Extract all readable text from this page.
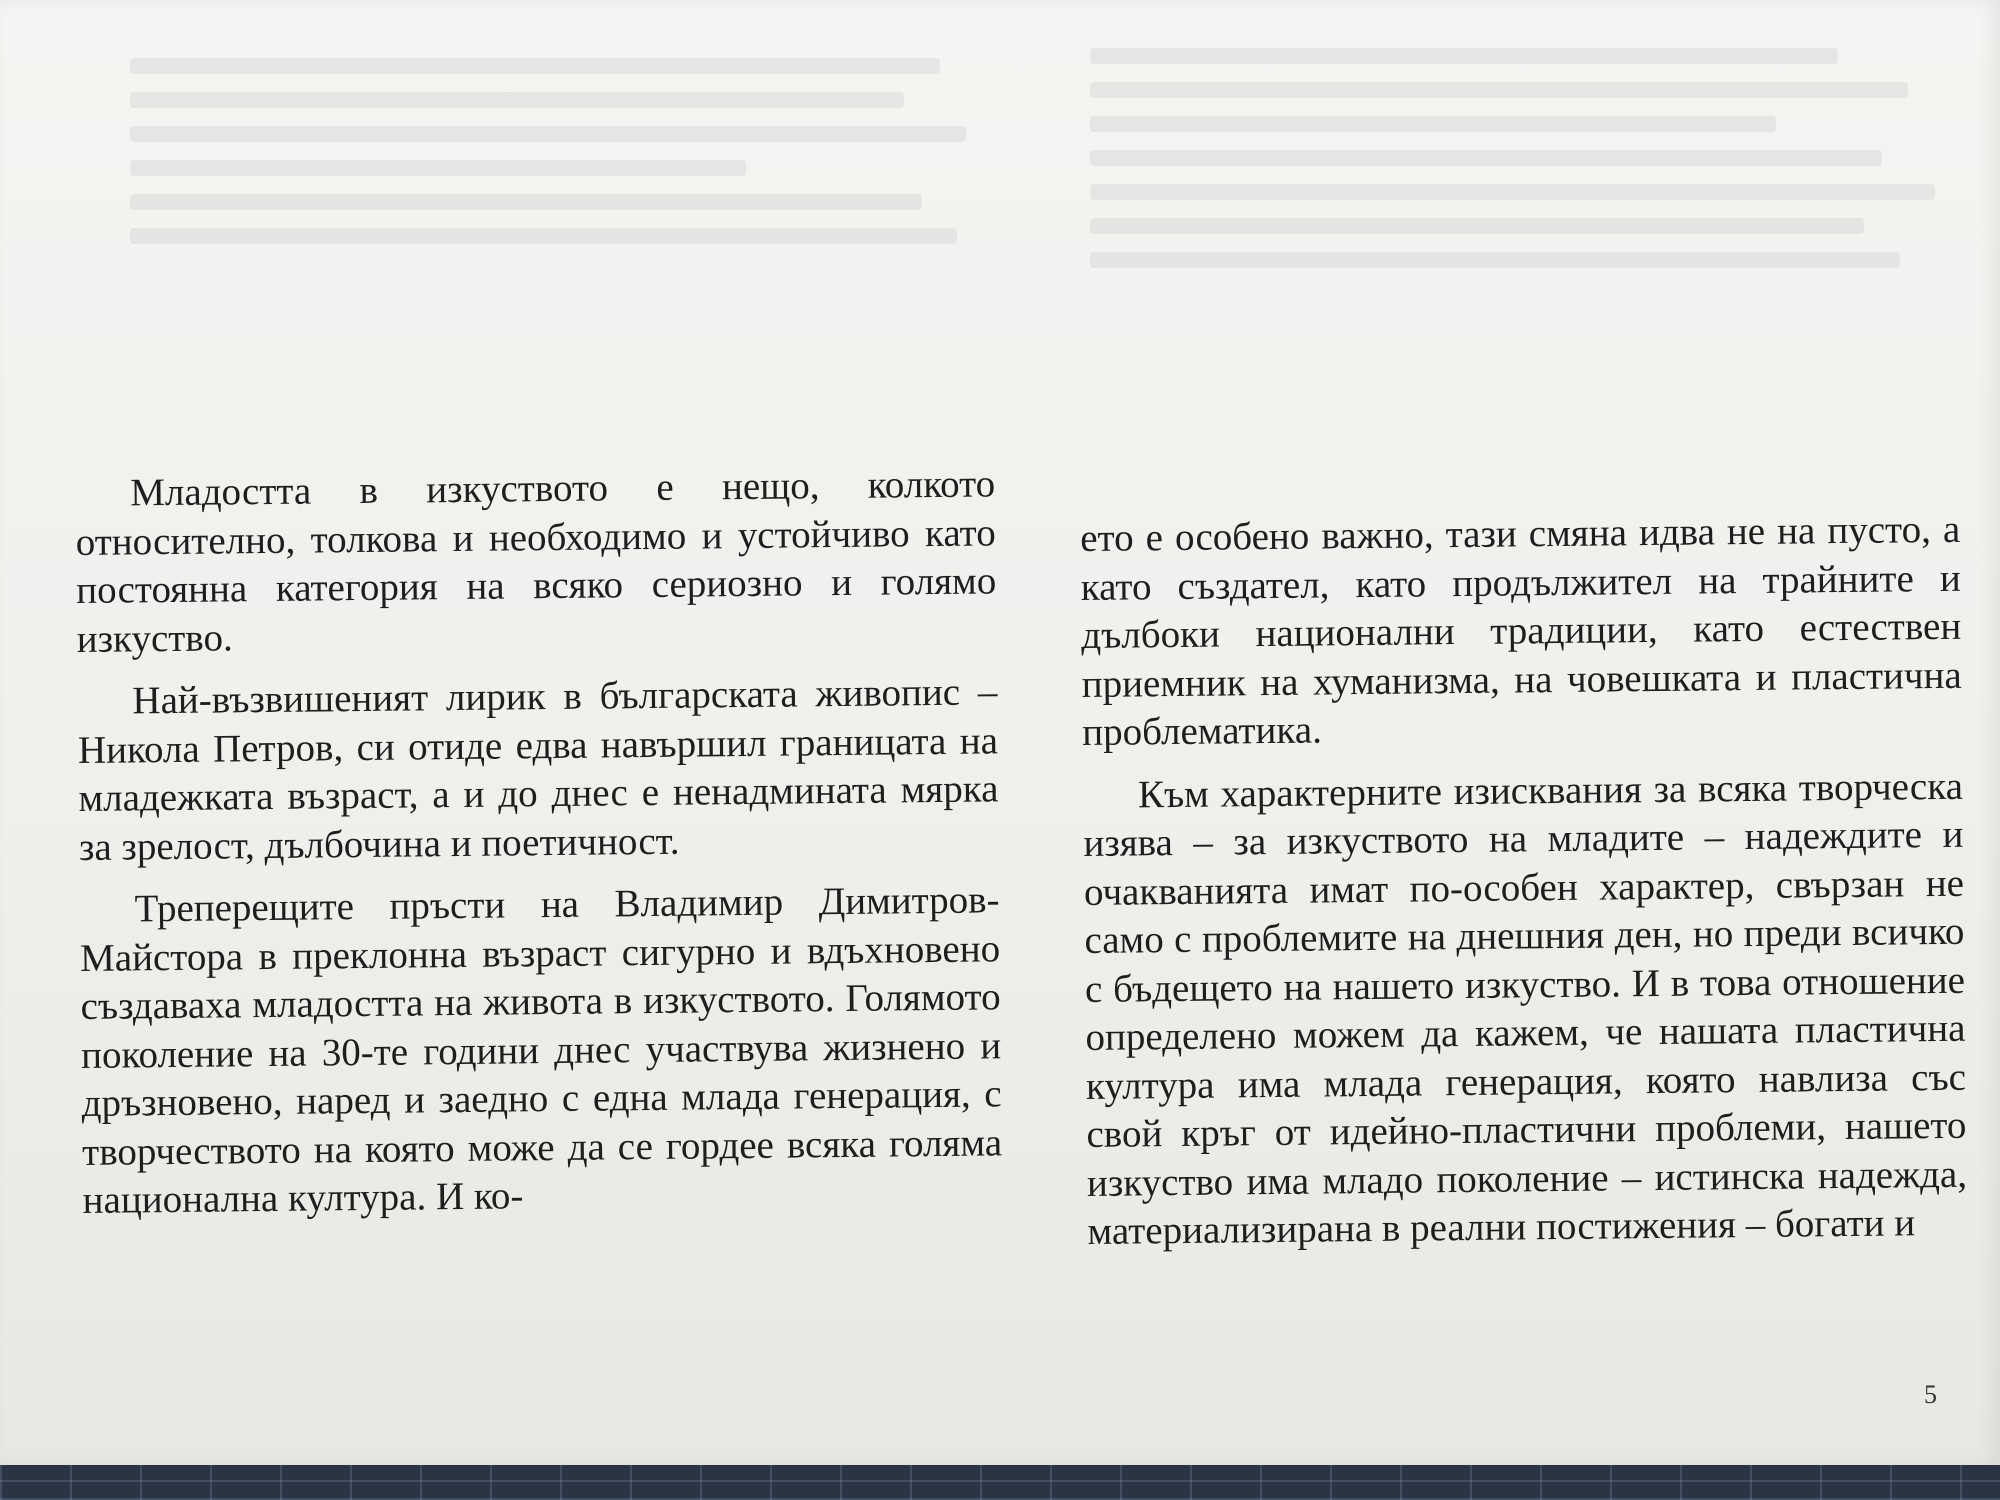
Младостта в изкуството е нещо, колкото относително, толкова и необходимо и устойчиво като постоянна категория на всяко сериозно и голямо изкуство.

Най-възвишеният лирик в българската живопис – Никола Петров, си отиде едва навършил границата на младежката възраст, а и до днес е ненадмината мярка за зрелост, дълбочина и поетичност.

Треперещите пръсти на Владимир Димитров-Майстора в преклонна възраст сигурно и вдъхновено създаваха младостта на живота в изкуството. Голямото поколение на 30-те години днес участвува жизнено и дръзновено, наред и заедно с една млада генерация, с творчеството на която може да се гордее всяка голяма национална култура. И ко-

ето е особено важно, тази смяна идва не на пусто, а като създател, като продължител на трайните и дълбоки национални традиции, като естествен приемник на хуманизма, на човешката и пластична проблематика.

Към характерните изисквания за всяка творческа изява – за изкуството на младите – надеждите и очакванията имат по-особен характер, свързан не само с проблемите на днешния ден, но преди всичко с бъдещето на нашето изкуство. И в това отношение определено можем да кажем, че нашата пластична култура има млада генерация, която навлиза със свой кръг от идейно-пластични проблеми, нашето изкуство има младо поколение – истинска надежда, материализирана в реални постижения – богати и

5
